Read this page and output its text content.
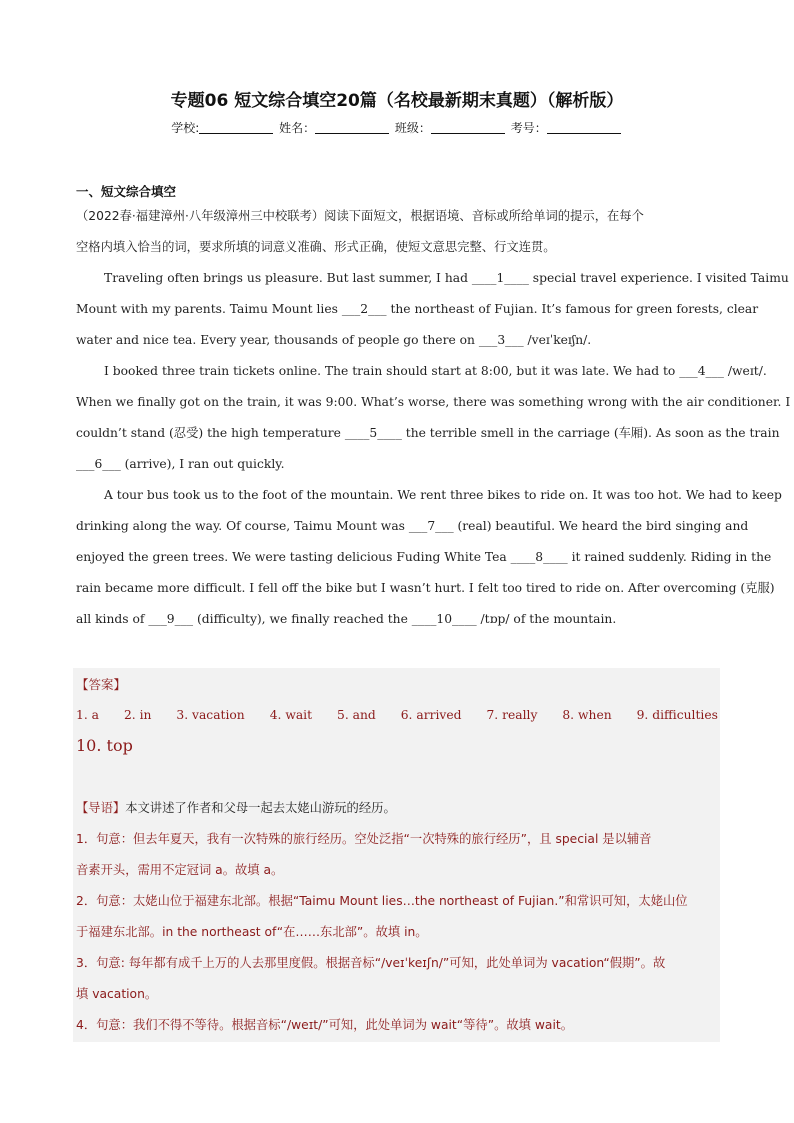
专题06 短文综合填空20篇（名校最新期末真题）（解析版）
学校:	姓名：	班级：	考号：
一、短文综合填空
（2022春·福建漳州·八年级漳州三中校联考）阅读下面短文，根据语境、音标或所给单词的提示，在每个
空格内填入恰当的词，要求所填的词意义准确、形式正确，使短文意思完整、行文连贯。
Traveling often brings us pleasure. But last summer, I had ____1____ special travel experience. I visited Taimu
Mount with my parents. Taimu Mount lies ___2___ the northeast of Fujian. It’s famous for green forests, clear
water and nice tea. Every year, thousands of people go there on ___3___ /veɪˈkeɪʃn/.
I booked three train tickets online. The train should start at 8:00, but it was late. We had to ___4___ /weɪt/.
When we finally got on the train, it was 9:00. What’s worse, there was something wrong with the air conditioner. I
couldn’t stand (忍受) the high temperature ____5____ the terrible smell in the carriage (车厢). As soon as the train
___6___ (arrive), I ran out quickly.
A tour bus took us to the foot of the mountain. We rent three bikes to ride on. It was too hot. We had to keep
drinking along the way. Of course, Taimu Mount was ___7___ (real) beautiful. We heard the bird singing and
enjoyed the green trees. We were tasting delicious Fuding White Tea ____8____ it rained suddenly. Riding in the
rain became more difficult. I fell off the bike but I wasn’t hurt. I felt too tired to ride on. After overcoming (克服)
all kinds of ___9___ (difficulty), we finally reached the ____10____ /tɒp/ of the mountain.
【答案】
1. a 2. in 3. vacation 4. wait 5. and 6. arrived 7. really 8. when 9. difficulties
10. top
【导语】本文讲述了作者和父母一起去太姥山游玩的经历。
1．句意：但去年夏天，我有一次特殊的旅行经历。空处泛指“一次特殊的旅行经历”，且 special 是以辅音
音素开头，需用不定冠词 a。故填 a。
2．句意：太姥山位于福建东北部。根据“Taimu Mount lies…the northeast of Fujian.”和常识可知，太姥山位
于福建东北部。in the northeast of“在……东北部”。故填 in。
3．句意: 每年都有成千上万的人去那里度假。根据音标“/veɪˈkeɪʃn/”可知，此处单词为 vacation“假期”。故
填 vacation。
4．句意：我们不得不等待。根据音标“/weɪt/”可知，此处单词为 wait“等待”。故填 wait。
